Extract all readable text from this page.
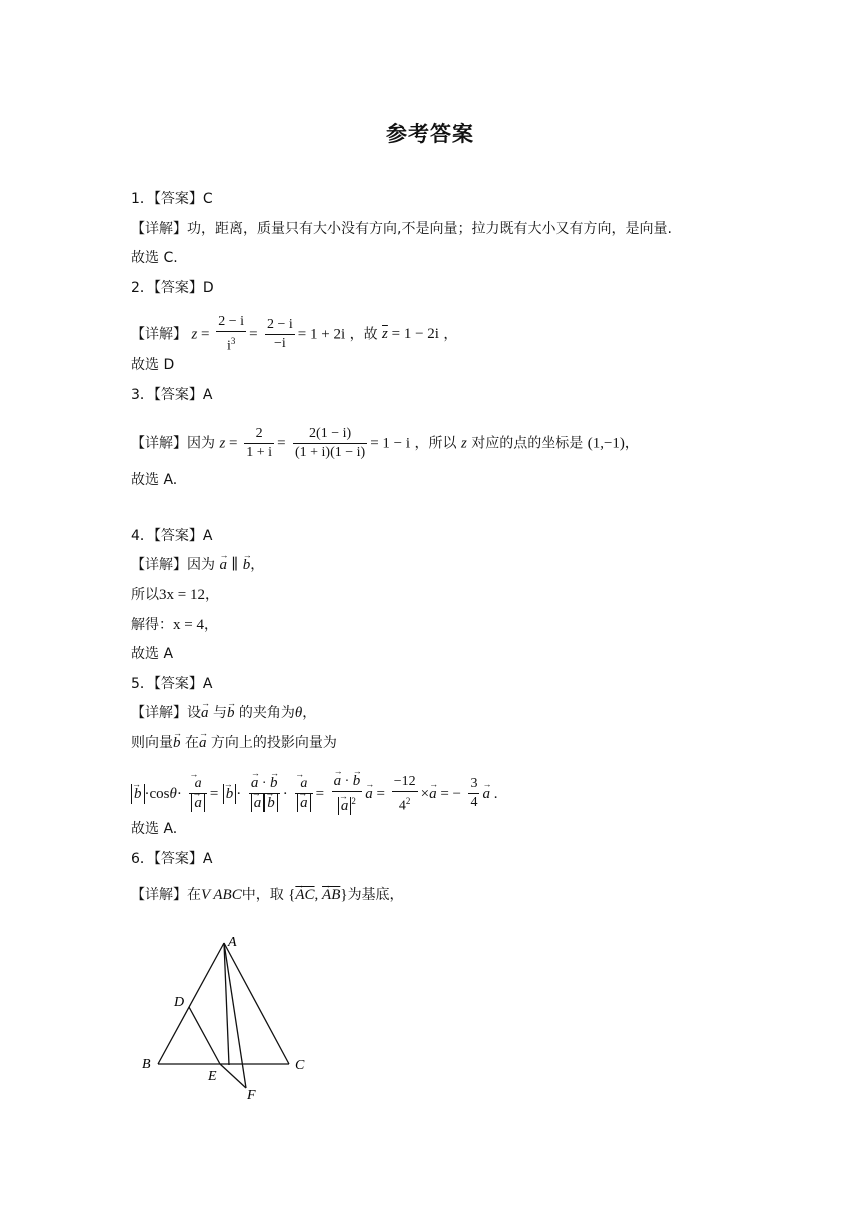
参考答案
1．【答案】C
【详解】功，距离，质量只有大小没有方向,不是向量；拉力既有大小又有方向，是向量.
故选 C.
2．【答案】D
【详解】 $z = \frac{2 - i}{i^3} = \frac{2 - i}{-i} = 1 + 2i$ ，故 $\overline{z} = 1 - 2i$ ，
故选 D
3．【答案】A
【详解】因为 $z = \frac{2}{1 + i} = \frac{2(1 - i)}{(1 + i)(1 - i)} = 1 - i$ ，所以 z 对应的点的坐标是 (1,−1)，
故选 A.
4．【答案】A
【详解】因为 → a ∥ → b，
所以3x = 12，
解得：x = 4，
故选 A
5．【答案】A
【详解】设→ a 与→ b 的夹角为θ，
则向量→ b 在→ a 方向上的投影向量为
→ b ·cosθ· → a
→ a = → b · → a · → b
→ a → b · → a
→ a = → a · → b
→ a $^2 \to a = \frac{-12}{4^2} \times\to a$ = − $\frac{3}{4} \to a$ .
故选 A.
6．【答案】A
【详解】在V ABC中，取 {→ $\overline{AC}$, → $\overline{AB}$}为基底，
A
D
B	C
E
F
